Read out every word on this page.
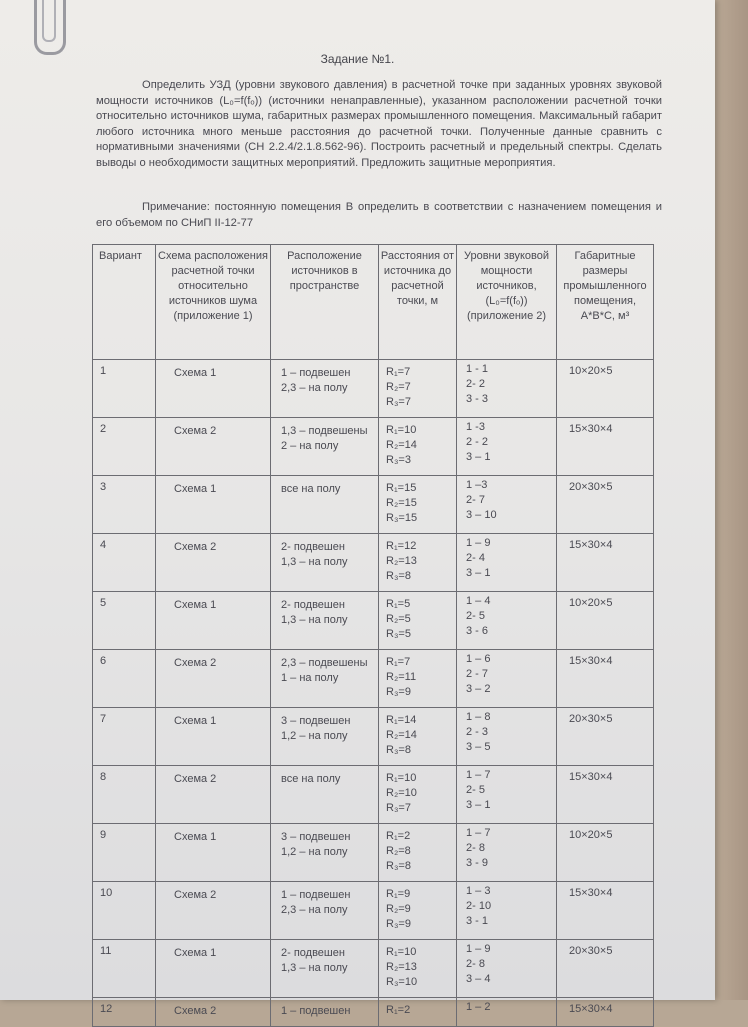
Задание №1.
Определить УЗД (уровни звукового давления) в расчетной точке при заданных уровнях звуковой мощности источников (L₀=f(fₒ)) (источники ненаправленные), указанном расположении расчетной точки относительно источников шума, габаритных размерах промышленного помещения. Максимальный габарит любого источника много меньше расстояния до расчетной точки. Полученные данные сравнить с нормативными значениями (СН 2.2.4/2.1.8.562-96). Построить расчетный и предельный спектры. Сделать выводы о необходимости защитных мероприятий. Предложить защитные мероприятия.
Примечание: постоянную помещения В определить в соответствии с назначением помещения и его объемом по СНиП II-12-77
Вариант	Схема расположения расчетной точки относительно источников шума (приложение 1)	Расположение источников в пространстве	Расстояния от источника до расчетной точки, м	Уровни звуковой мощности источников, (L₀=f(fₒ)) (приложение 2)	Габаритные размеры промышленного помещения, А*В*С, м³
1	Схема 1	1 – подвешен
2,3 – на полу	R₁=7
R₂=7
R₃=7	1 - 1
2- 2
3 - 3	10×20×5
2	Схема 2	1,3 – подвешены
2 – на полу	R₁=10
R₂=14
R₃=3	1 -3
2 - 2
3 – 1	15×30×4
3	Схема 1	все на полу	R₁=15
R₂=15
R₃=15	1 –3
2- 7
3 – 10	20×30×5
4	Схема 2	2- подвешен
1,3 – на полу	R₁=12
R₂=13
R₃=8	1 – 9
2- 4
3 – 1	15×30×4
5	Схема 1	2- подвешен
1,3 – на полу	R₁=5
R₂=5
R₃=5	1 – 4
2- 5
3 - 6	10×20×5
6	Схема 2	2,3 – подвешены
1 – на полу	R₁=7
R₂=11
R₃=9	1 – 6
2 - 7
3 – 2	15×30×4
7	Схема 1	3 – подвешен
1,2 – на полу	R₁=14
R₂=14
R₃=8	1 – 8
2 - 3
3 – 5	20×30×5
8	Схема 2	все на полу	R₁=10
R₂=10
R₃=7	1 – 7
2- 5
3 – 1	15×30×4
9	Схема 1	3 – подвешен
1,2 – на полу	R₁=2
R₂=8
R₃=8	1 – 7
2- 8
3 - 9	10×20×5
10	Схема 2	1 – подвешен
2,3 – на полу	R₁=9
R₂=9
R₃=9	1 – 3
2- 10
3 - 1	15×30×4
11	Схема 1	2- подвешен
1,3 – на полу	R₁=10
R₂=13
R₃=10	1 – 9
2- 8
3 – 4	20×30×5
12	Схема 2	1 – подвешен	R₁=2	1 – 2	15×30×4
